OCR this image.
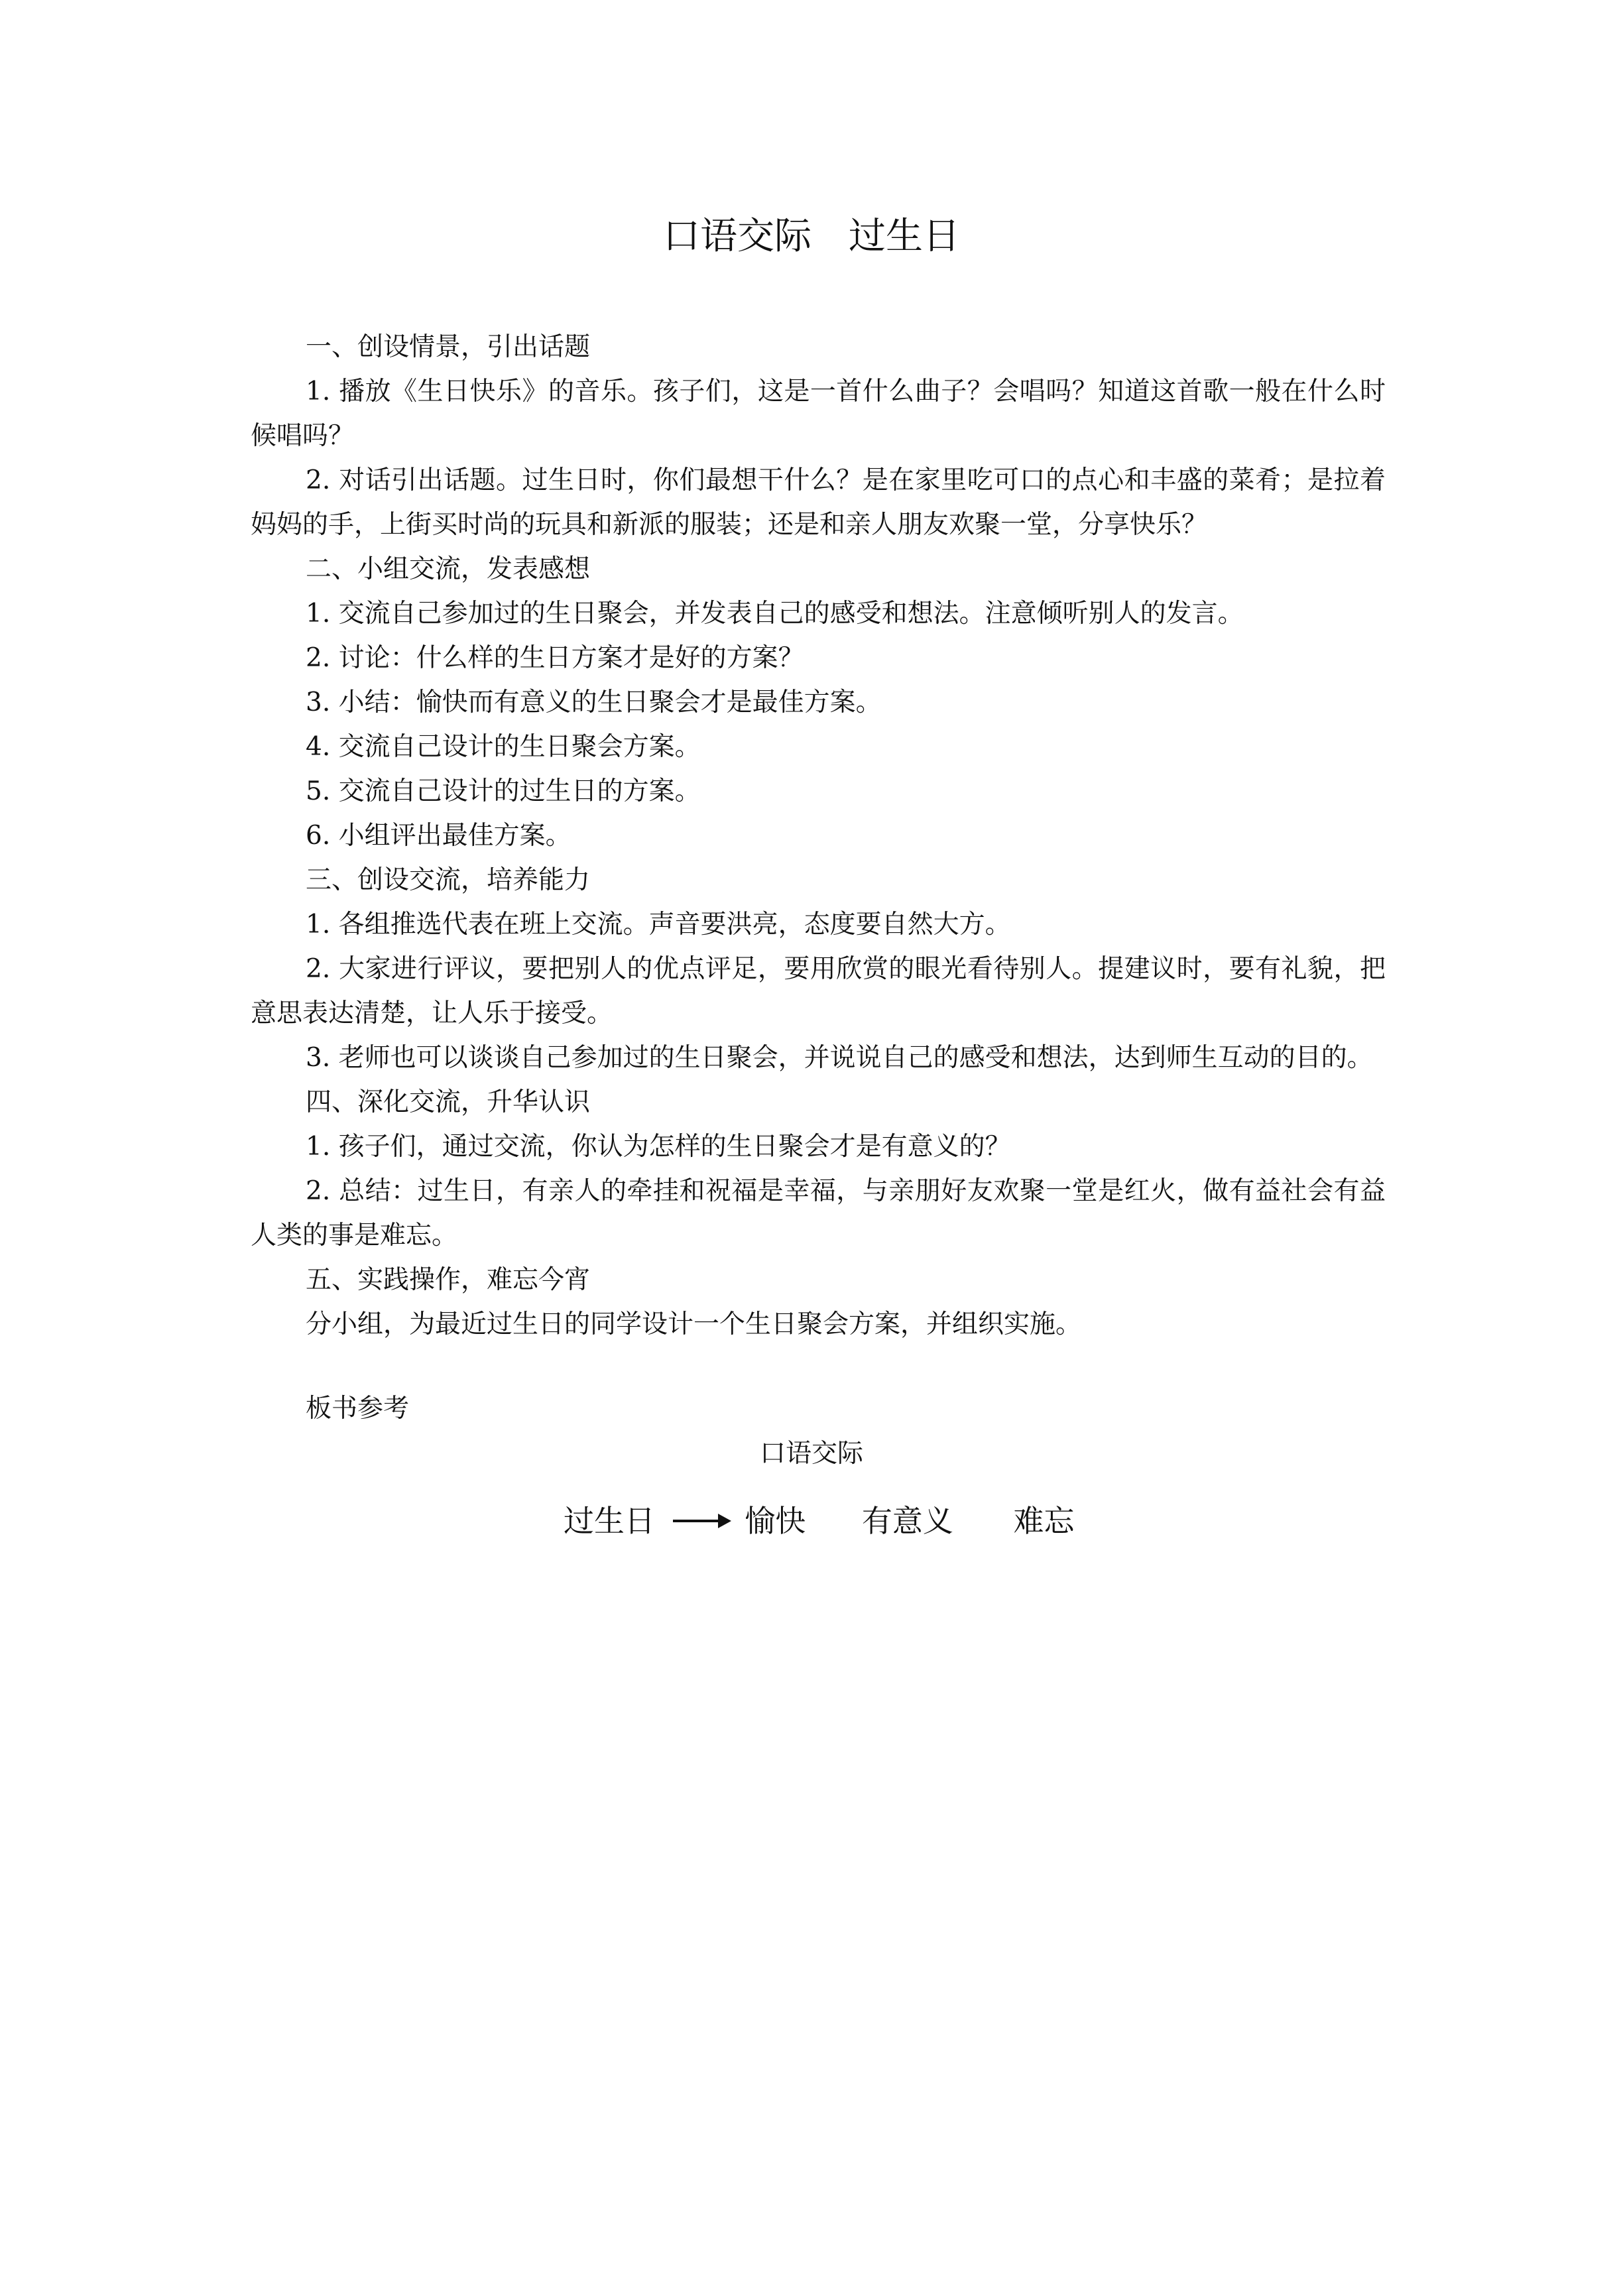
口语交际　过生日

一、创设情景，引出话题

1. 播放《生日快乐》的音乐。孩子们，这是一首什么曲子？会唱吗？知道这首歌一般在什么时候唱吗？

2. 对话引出话题。过生日时，你们最想干什么？是在家里吃可口的点心和丰盛的菜肴；是拉着妈妈的手，上街买时尚的玩具和新派的服装；还是和亲人朋友欢聚一堂，分享快乐？

二、小组交流，发表感想

1. 交流自己参加过的生日聚会，并发表自己的感受和想法。注意倾听别人的发言。

2. 讨论：什么样的生日方案才是好的方案？

3. 小结：愉快而有意义的生日聚会才是最佳方案。

4. 交流自己设计的生日聚会方案。

5. 交流自己设计的过生日的方案。

6. 小组评出最佳方案。

三、创设交流，培养能力

1. 各组推选代表在班上交流。声音要洪亮，态度要自然大方。

2. 大家进行评议，要把别人的优点评足，要用欣赏的眼光看待别人。提建议时，要有礼貌，把意思表达清楚，让人乐于接受。

3. 老师也可以谈谈自己参加过的生日聚会，并说说自己的感受和想法，达到师生互动的目的。

四、深化交流，升华认识

1. 孩子们，通过交流，你认为怎样的生日聚会才是有意义的？

2. 总结：过生日，有亲人的牵挂和祝福是幸福，与亲朋好友欢聚一堂是红火，做有益社会有益人类的事是难忘。

五、实践操作，难忘今宵

分小组，为最近过生日的同学设计一个生日聚会方案，并组织实施。

板书参考

口语交际
过生日	愉快 有意义 难忘
